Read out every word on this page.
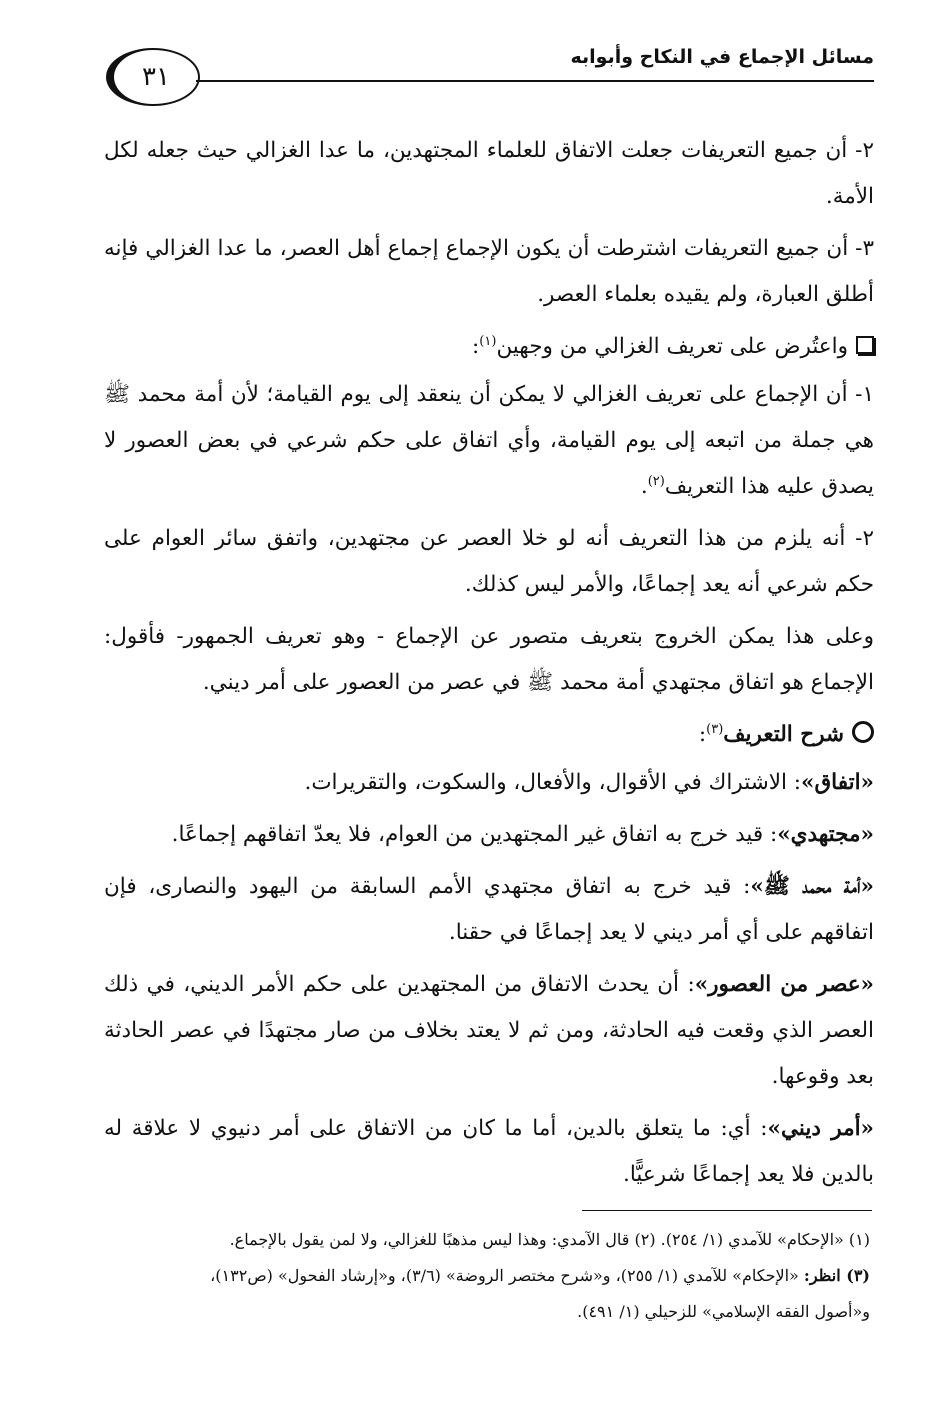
مسائل الإجماع في النكاح وأبوابه
٣١

٢- أن جميع التعريفات جعلت الاتفاق للعلماء المجتهدين، ما عدا الغزالي حيث جعله لكل الأمة.

٣- أن جميع التعريفات اشترطت أن يكون الإجماع إجماع أهل العصر، ما عدا الغزالي فإنه أطلق العبارة، ولم يقيده بعلماء العصر.

واعتُرض على تعريف الغزالي من وجهين$^{(١)}$:

١- أن الإجماع على تعريف الغزالي لا يمكن أن ينعقد إلى يوم القيامة؛ لأن أمة محمد ﷺ هي جملة من اتبعه إلى يوم القيامة، وأي اتفاق على حكم شرعي في بعض العصور لا يصدق عليه هذا التعريف$^{(٢)}$.

٢- أنه يلزم من هذا التعريف أنه لو خلا العصر عن مجتهدين، واتفق سائر العوام على حكم شرعي أنه يعد إجماعًا، والأمر ليس كذلك.

وعلى هذا يمكن الخروج بتعريف متصور عن الإجماع - وهو تعريف الجمهور- فأقول: الإجماع هو اتفاق مجتهدي أمة محمد ﷺ في عصر من العصور على أمر ديني.

شرح التعريف$^{(٣)}$:

«اتفاق»: الاشتراك في الأقوال، والأفعال، والسكوت، والتقريرات.

«مجتهدي»: قيد خرج به اتفاق غير المجتهدين من العوام، فلا يعدّ اتفاقهم إجماعًا.

«أمة محمد ﷺ»: قيد خرج به اتفاق مجتهدي الأمم السابقة من اليهود والنصارى، فإن اتفاقهم على أي أمر ديني لا يعد إجماعًا في حقنا.

«عصر من العصور»: أن يحدث الاتفاق من المجتهدين على حكم الأمر الديني، في ذلك العصر الذي وقعت فيه الحادثة، ومن ثم لا يعتد بخلاف من صار مجتهدًا في عصر الحادثة بعد وقوعها.

«أمر ديني»: أي: ما يتعلق بالدين، أما ما كان من الاتفاق على أمر دنيوي لا علاقة له بالدين فلا يعد إجماعًا شرعيًّا.

(١) «الإحكام» للآمدي (١/ ٢٥٤). (٢) قال الآمدي: وهذا ليس مذهبًا للغزالي، ولا لمن يقول بالإجماع.

(٣) انظر: «الإحكام» للآمدي (١/ ٢٥٥)، و«شرح مختصر الروضة» (٣/٦)، و«إرشاد الفحول» (ص١٣٢)،

و«أصول الفقه الإسلامي» للزحيلي (١/ ٤٩١).
